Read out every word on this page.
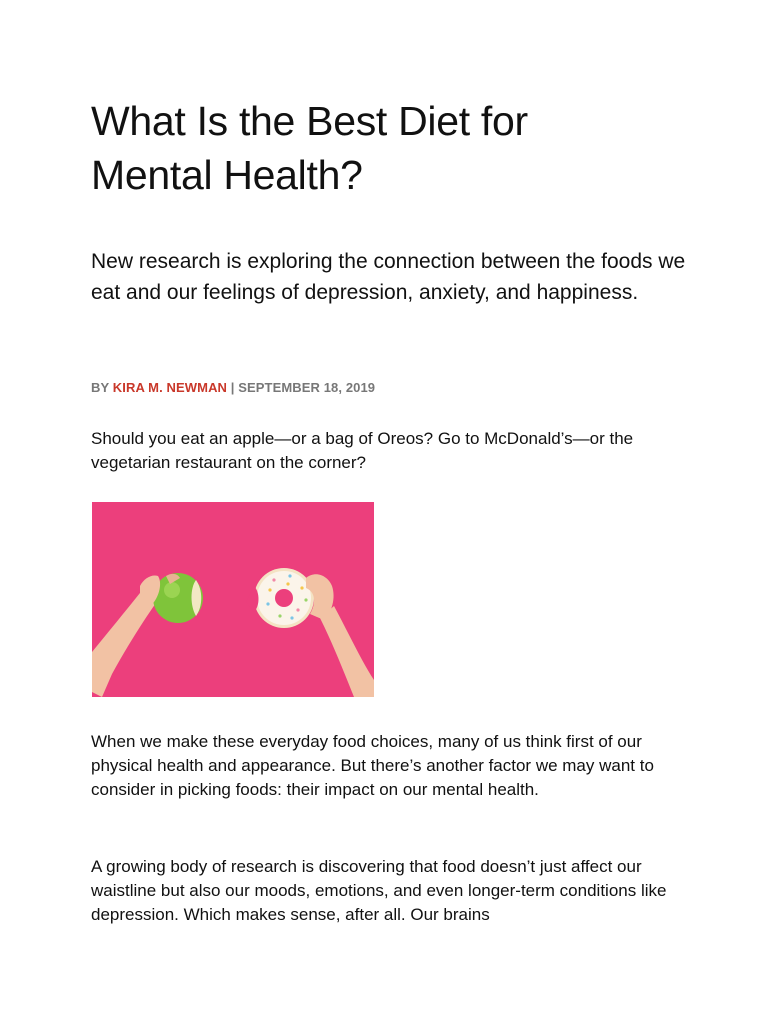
What Is the Best Diet for
Mental Health?

New research is exploring the connection between the foods we eat and our feelings of depression, anxiety, and happiness.

BY KIRA M. NEWMAN | SEPTEMBER 18, 2019

Should you eat an apple—or a bag of Oreos? Go to McDonald’s—or the vegetarian restaurant on the corner?

When we make these everyday food choices, many of us think first of our physical health and appearance. But there’s another factor we may want to consider in picking foods: their impact on our mental health.

A growing body of research is discovering that food doesn’t just affect our waistline but also our moods, emotions, and even longer-term conditions like depression. Which makes sense, after all. Our brains
